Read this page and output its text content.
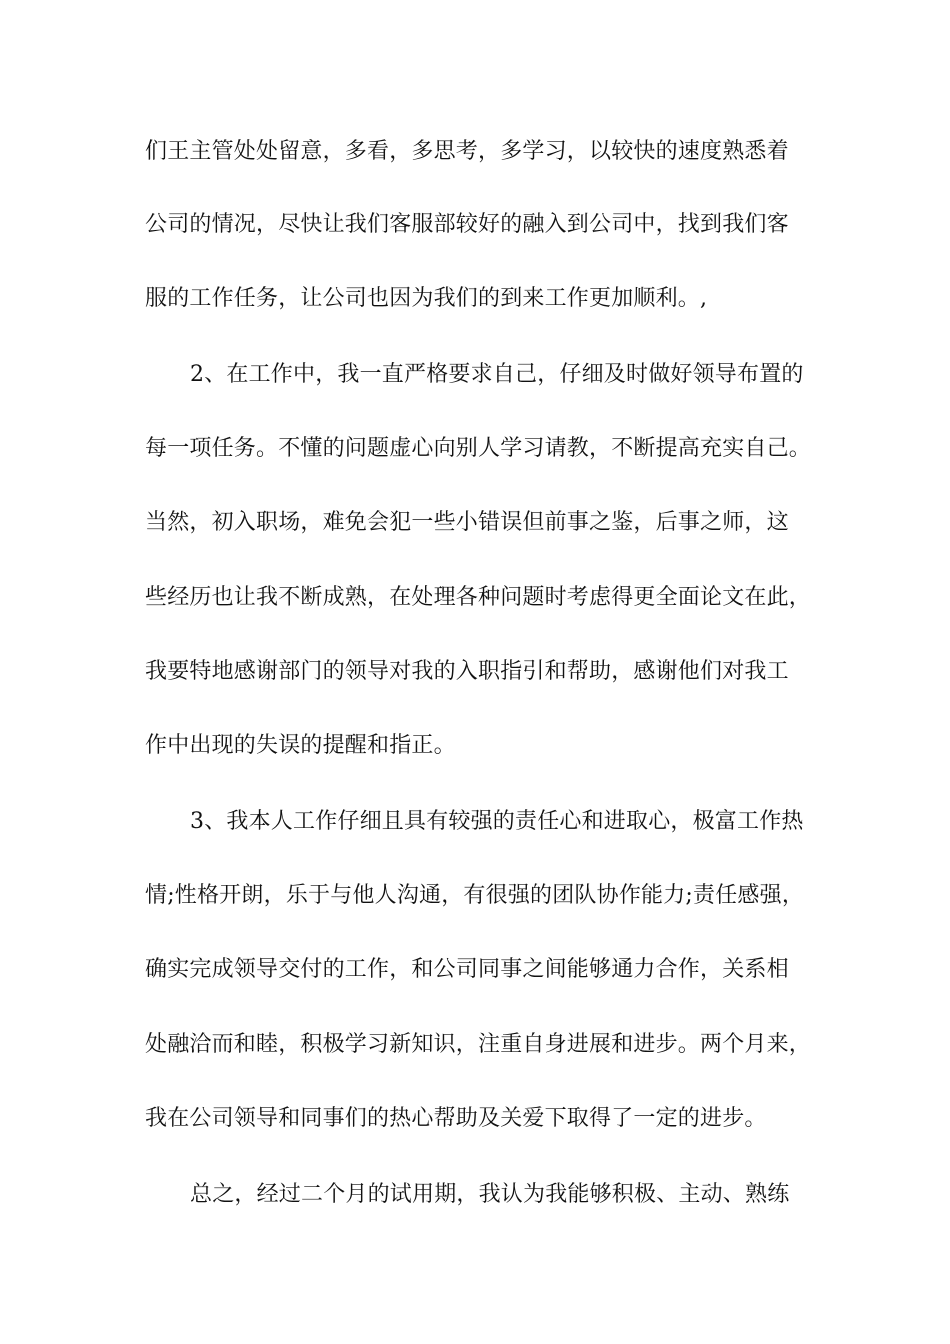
们王主管处处留意，多看，多思考，多学习，以较快的速度熟悉着
公司的情况，尽快让我们客服部较好的融入到公司中，找到我们客
服的工作任务，让公司也因为我们的到来工作更加顺利。,
2、在工作中，我一直严格要求自己，仔细及时做好领导布置的
每一项任务。不懂的问题虚心向别人学习请教，不断提高充实自己。
当然，初入职场，难免会犯一些小错误但前事之鉴，后事之师，这
些经历也让我不断成熟，在处理各种问题时考虑得更全面论文在此，
我要特地感谢部门的领导对我的入职指引和帮助，感谢他们对我工
作中出现的失误的提醒和指正。
3、我本人工作仔细且具有较强的责任心和进取心，极富工作热
情;性格开朗，乐于与他人沟通，有很强的团队协作能力;责任感强，
确实完成领导交付的工作，和公司同事之间能够通力合作，关系相
处融洽而和睦，积极学习新知识，注重自身进展和进步。两个月来，
我在公司领导和同事们的热心帮助及关爱下取得了一定的进步。
总之，经过二个月的试用期，我认为我能够积极、主动、熟练
